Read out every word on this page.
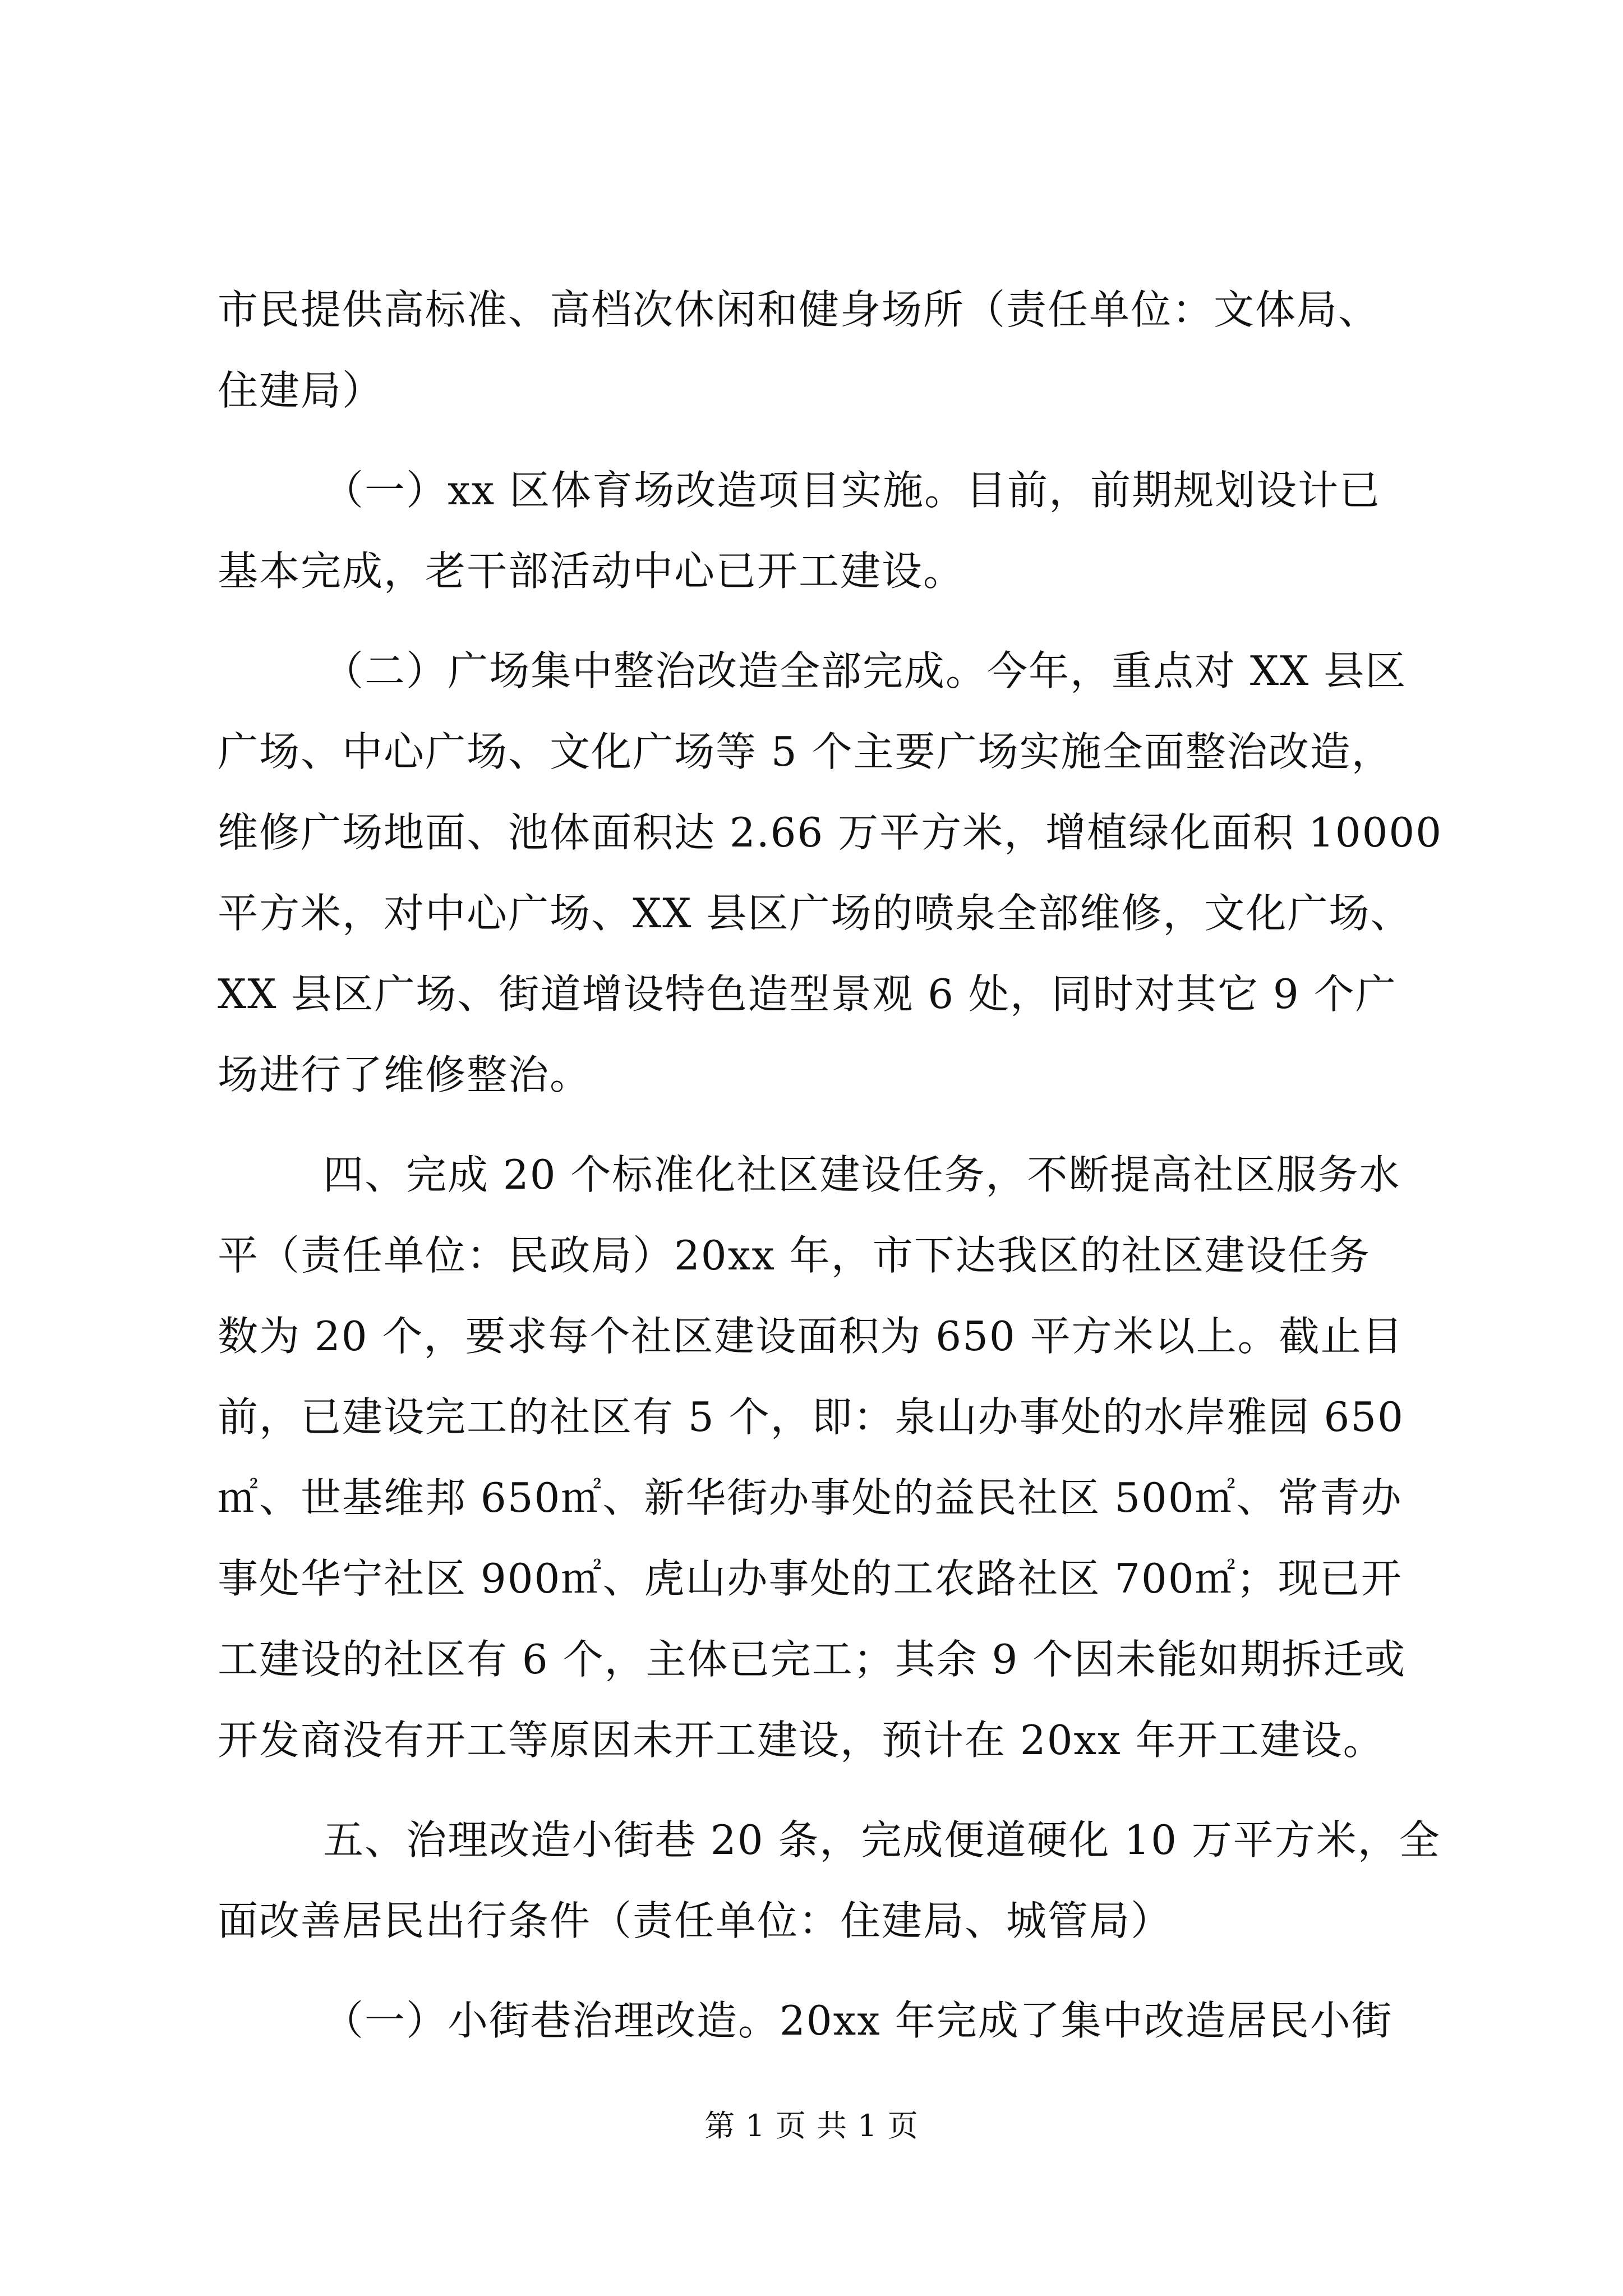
市民提供高标准、高档次休闲和健身场所（责任单位：文体局、
住建局）

（一）xx 区体育场改造项目实施。目前，前期规划设计已
基本完成，老干部活动中心已开工建设。

（二）广场集中整治改造全部完成。今年，重点对 XX 县区
广场、中心广场、文化广场等 5 个主要广场实施全面整治改造，
维修广场地面、池体面积达 2.66 万平方米，增植绿化面积 10000
平方米，对中心广场、XX 县区广场的喷泉全部维修，文化广场、
XX 县区广场、街道增设特色造型景观 6 处，同时对其它 9 个广
场进行了维修整治。

四、完成 20 个标准化社区建设任务，不断提高社区服务水
平（责任单位：民政局）20xx 年，市下达我区的社区建设任务
数为 20 个，要求每个社区建设面积为 650 平方米以上。截止目
前，已建设完工的社区有 5 个，即：泉山办事处的水岸雅园 650
㎡、世基维邦 650㎡、新华街办事处的益民社区 500㎡、常青办
事处华宁社区 900㎡、虎山办事处的工农路社区 700㎡；现已开
工建设的社区有 6 个，主体已完工；其余 9 个因未能如期拆迁或
开发商没有开工等原因未开工建设，预计在 20xx 年开工建设。

五、治理改造小街巷 20 条，完成便道硬化 10 万平方米，全
面改善居民出行条件（责任单位：住建局、城管局）

（一）小街巷治理改造。20xx 年完成了集中改造居民小街

第 1 页 共 1 页
